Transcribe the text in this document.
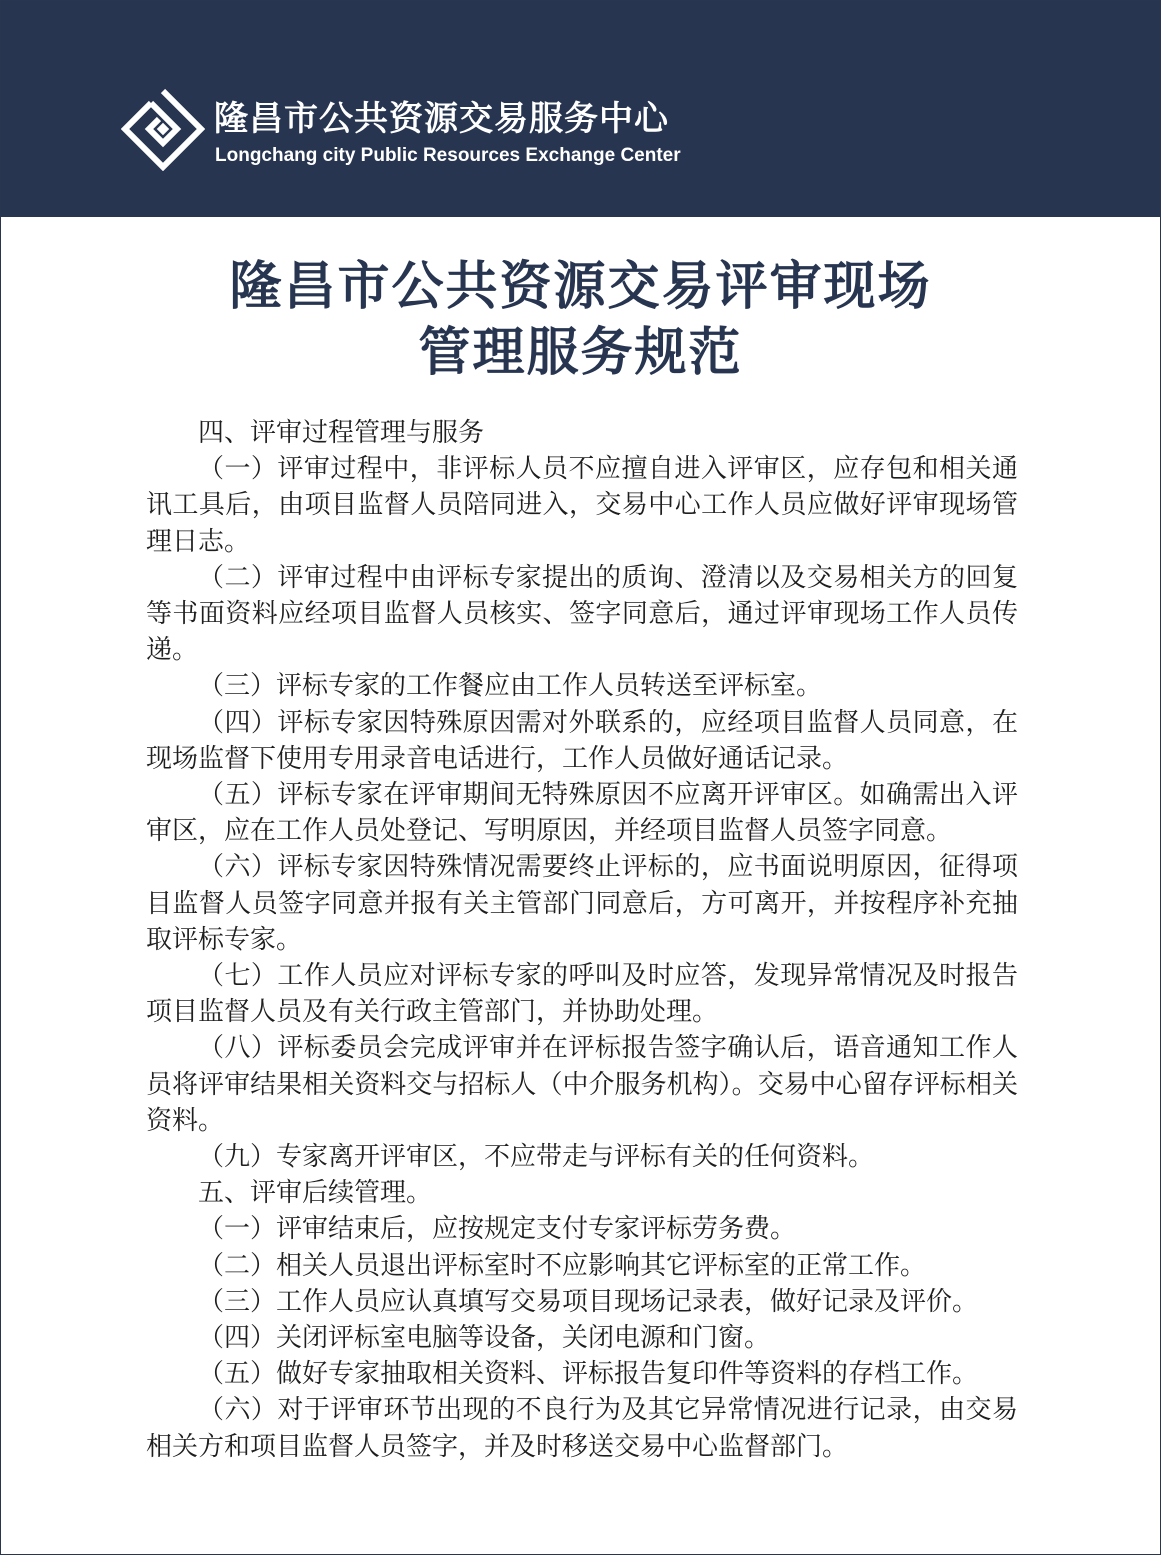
隆昌市公共资源交易服务中心
Longchang city Public Resources Exchange Center
隆昌市公共资源交易评审现场
管理服务规范

四、评审过程管理与服务

（一）评审过程中，非评标人员不应擅自进入评审区，应存包和相关通讯工具后，由项目监督人员陪同进入，交易中心工作人员应做好评审现场管理日志。

（二）评审过程中由评标专家提出的质询、澄清以及交易相关方的回复等书面资料应经项目监督人员核实、签字同意后，通过评审现场工作人员传递。

（三）评标专家的工作餐应由工作人员转送至评标室。

（四）评标专家因特殊原因需对外联系的，应经项目监督人员同意，在现场监督下使用专用录音电话进行，工作人员做好通话记录。

（五）评标专家在评审期间无特殊原因不应离开评审区。如确需出入评审区，应在工作人员处登记、写明原因，并经项目监督人员签字同意。

（六）评标专家因特殊情况需要终止评标的，应书面说明原因，征得项目监督人员签字同意并报有关主管部门同意后，方可离开，并按程序补充抽取评标专家。

（七）工作人员应对评标专家的呼叫及时应答，发现异常情况及时报告项目监督人员及有关行政主管部门，并协助处理。

（八）评标委员会完成评审并在评标报告签字确认后，语音通知工作人员将评审结果相关资料交与招标人（中介服务机构）。交易中心留存评标相关资料。

（九）专家离开评审区，不应带走与评标有关的任何资料。

五、评审后续管理。

（一）评审结束后，应按规定支付专家评标劳务费。

（二）相关人员退出评标室时不应影响其它评标室的正常工作。

（三）工作人员应认真填写交易项目现场记录表，做好记录及评价。

（四）关闭评标室电脑等设备，关闭电源和门窗。

（五）做好专家抽取相关资料、评标报告复印件等资料的存档工作。

（六）对于评审环节出现的不良行为及其它异常情况进行记录，由交易相关方和项目监督人员签字，并及时移送交易中心监督部门。
